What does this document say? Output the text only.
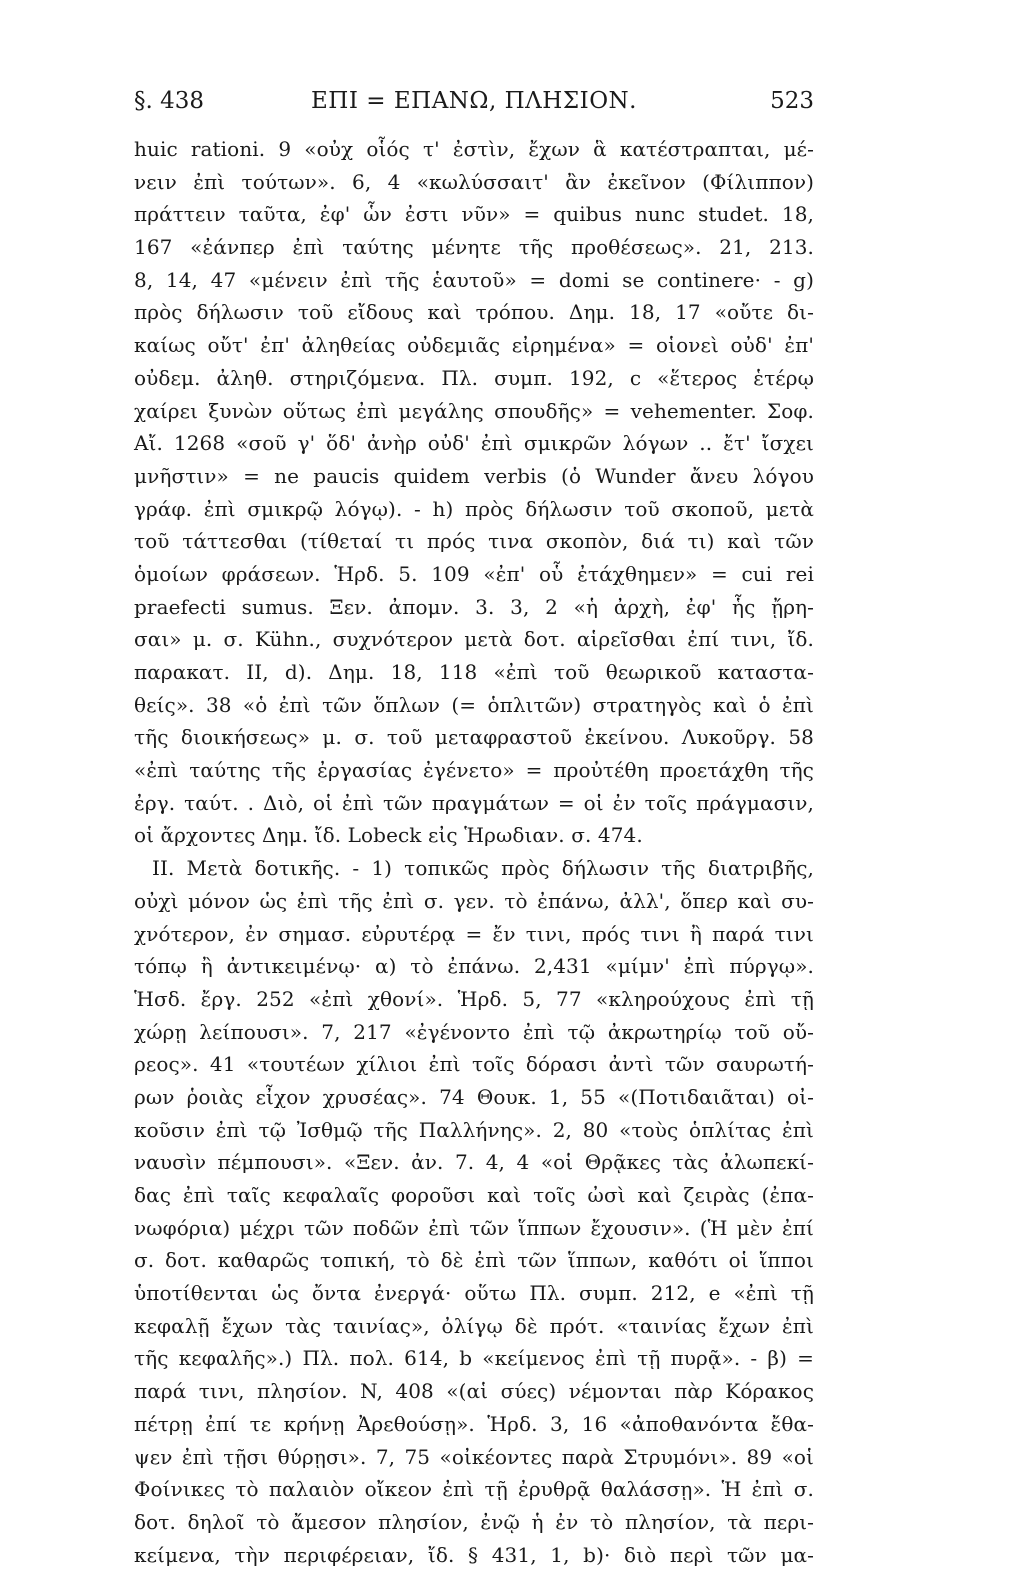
§. 438	ΕΠΙ = ΕΠΑΝΩ, ΠΛΗΣΙΟΝ.	523
huic rationi. 9 «οὐχ οἷός τ' ἐστὶν, ἔχων ἃ κατέστραπται, μέ-
νειν ἐπὶ τούτων». 6, 4 «κωλύσσαιτ' ἂν ἐκεῖνον (Φίλιππον)
πράττειν ταῦτα, ἐφ' ὧν ἐστι νῦν» = quibus nunc studet. 18,
167 «ἐάνπερ ἐπὶ ταύτης μένητε τῆς προθέσεως». 21, 213.
8, 14, 47 «μένειν ἐπὶ τῆς ἑαυτοῦ» = domi se continere· - g)
πρὸς δήλωσιν τοῦ εἴδους καὶ τρόπου. Δημ. 18, 17 «οὔτε δι-
καίως οὔτ' ἐπ' ἀληθείας οὐδεμιᾶς εἰρημένα» = οἱονεὶ οὐδ' ἐπ'
οὐδεμ. ἀληθ. στηριζόμενα. Πλ. συμπ. 192, c «ἕτερος ἑτέρῳ
χαίρει ξυνὼν οὕτως ἐπὶ μεγάλης σπουδῆς» = vehementer. Σοφ.
Αἴ. 1268 «σοῦ γ' ὅδ' ἀνὴρ οὐδ' ἐπὶ σμικρῶν λόγων .. ἔτ' ἴσχει
μνῆστιν» = ne paucis quidem verbis (ὁ Wunder ἄνευ λόγου
γράφ. ἐπὶ σμικρῷ λόγῳ). - h) πρὸς δήλωσιν τοῦ σκοποῦ, μετὰ
τοῦ τάττεσθαι (τίθεταί τι πρός τινα σκοπὸν, διά τι) καὶ τῶν
ὁμοίων φράσεων. Ἡρδ. 5. 109 «ἐπ' οὗ ἐτάχθημεν» = cui rei
praefecti sumus. Ξεν. ἀπομν. 3. 3, 2 «ἡ ἀρχὴ, ἐφ' ἧς ᾔρη-
σαι» μ. σ. Kühn., συχνότερον μετὰ δοτ. αἱρεῖσθαι ἐπί τινι, ἴδ.
παρακατ. II, d). Δημ. 18, 118 «ἐπὶ τοῦ θεωρικοῦ καταστα-
θείς». 38 «ὁ ἐπὶ τῶν ὅπλων (= ὁπλιτῶν) στρατηγὸς καὶ ὁ ἐπὶ
τῆς διοικήσεως» μ. σ. τοῦ μεταφραστοῦ ἐκείνου. Λυκοῦργ. 58
«ἐπὶ ταύτης τῆς ἐργασίας ἐγένετο» = προὐτέθη προετάχθη τῆς
ἐργ. ταύτ. . Διὸ, οἱ ἐπὶ τῶν πραγμάτων = οἱ ἐν τοῖς πράγμασιν,
οἱ ἄρχοντες Δημ. ἴδ. Lobeck εἰς Ἡρωδιαν. σ. 474.
II. Μετὰ δοτικῆς. - 1) τοπικῶς πρὸς δήλωσιν τῆς διατριβῆς,
οὐχὶ μόνον ὡς ἐπὶ τῆς ἐπὶ σ. γεν. τὸ ἐπάνω, ἀλλ', ὅπερ καὶ συ-
χνότερον, ἐν σημασ. εὐρυτέρᾳ = ἔν τινι, πρός τινι ἢ παρά τινι
τόπῳ ἢ ἀντικειμένῳ· α) τὸ ἐπάνω. 2,431 «μίμν' ἐπὶ πύργῳ».
Ἡσδ. ἔργ. 252 «ἐπὶ χθονί». Ἡρδ. 5, 77 «κληρούχους ἐπὶ τῇ
χώρῃ λείπουσι». 7, 217 «ἐγένοντο ἐπὶ τῷ ἀκρωτηρίῳ τοῦ οὔ-
ρεος». 41 «τουτέων χίλιοι ἐπὶ τοῖς δόρασι ἀντὶ τῶν σαυρωτή-
ρων ῥοιὰς εἶχον χρυσέας». 74 Θουκ. 1, 55 «(Ποτιδαιᾶται) οἰ-
κοῦσιν ἐπὶ τῷ Ἰσθμῷ τῆς Παλλήνης». 2, 80 «τοὺς ὁπλίτας ἐπὶ
ναυσὶν πέμπουσι». «Ξεν. ἀν. 7. 4, 4 «οἱ Θρᾷκες τὰς ἀλωπεκί-
δας ἐπὶ ταῖς κεφαλαῖς φοροῦσι καὶ τοῖς ὠσὶ καὶ ζειρὰς (ἐπα-
νωφόρια) μέχρι τῶν ποδῶν ἐπὶ τῶν ἵππων ἔχουσιν». (Ἡ μὲν ἐπί
σ. δοτ. καθαρῶς τοπική, τὸ δὲ ἐπὶ τῶν ἵππων, καθότι οἱ ἵπποι
ὑποτίθενται ὡς ὄντα ἐνεργά· οὕτω Πλ. συμπ. 212, e «ἐπὶ τῇ
κεφαλῇ ἔχων τὰς ταινίας», ὀλίγῳ δὲ πρότ. «ταινίας ἔχων ἐπὶ
τῆς κεφαλῆς».) Πλ. πολ. 614, b «κείμενος ἐπὶ τῇ πυρᾷ». - β) =
παρά τινι, πλησίον. N, 408 «(αἱ σύες) νέμονται πὰρ Κόρακος
πέτρῃ ἐπί τε κρήνῃ Ἀρεθούσῃ». Ἡρδ. 3, 16 «ἀποθανόντα ἔθα-
ψεν ἐπὶ τῇσι θύρῃσι». 7, 75 «οἰκέοντες παρὰ Στρυμόνι». 89 «οἱ
Φοίνικες τὸ παλαιὸν οἴκεον ἐπὶ τῇ ἐρυθρᾷ θαλάσσῃ». Ἡ ἐπὶ σ.
δοτ. δηλοῖ τὸ ἄμεσον πλησίον, ἐνῷ ἡ ἐν τὸ πλησίον, τὰ περι-
κείμενα, τὴν περιφέρειαν, ἴδ. § 431, 1, b)· διὸ περὶ τῶν μα-
